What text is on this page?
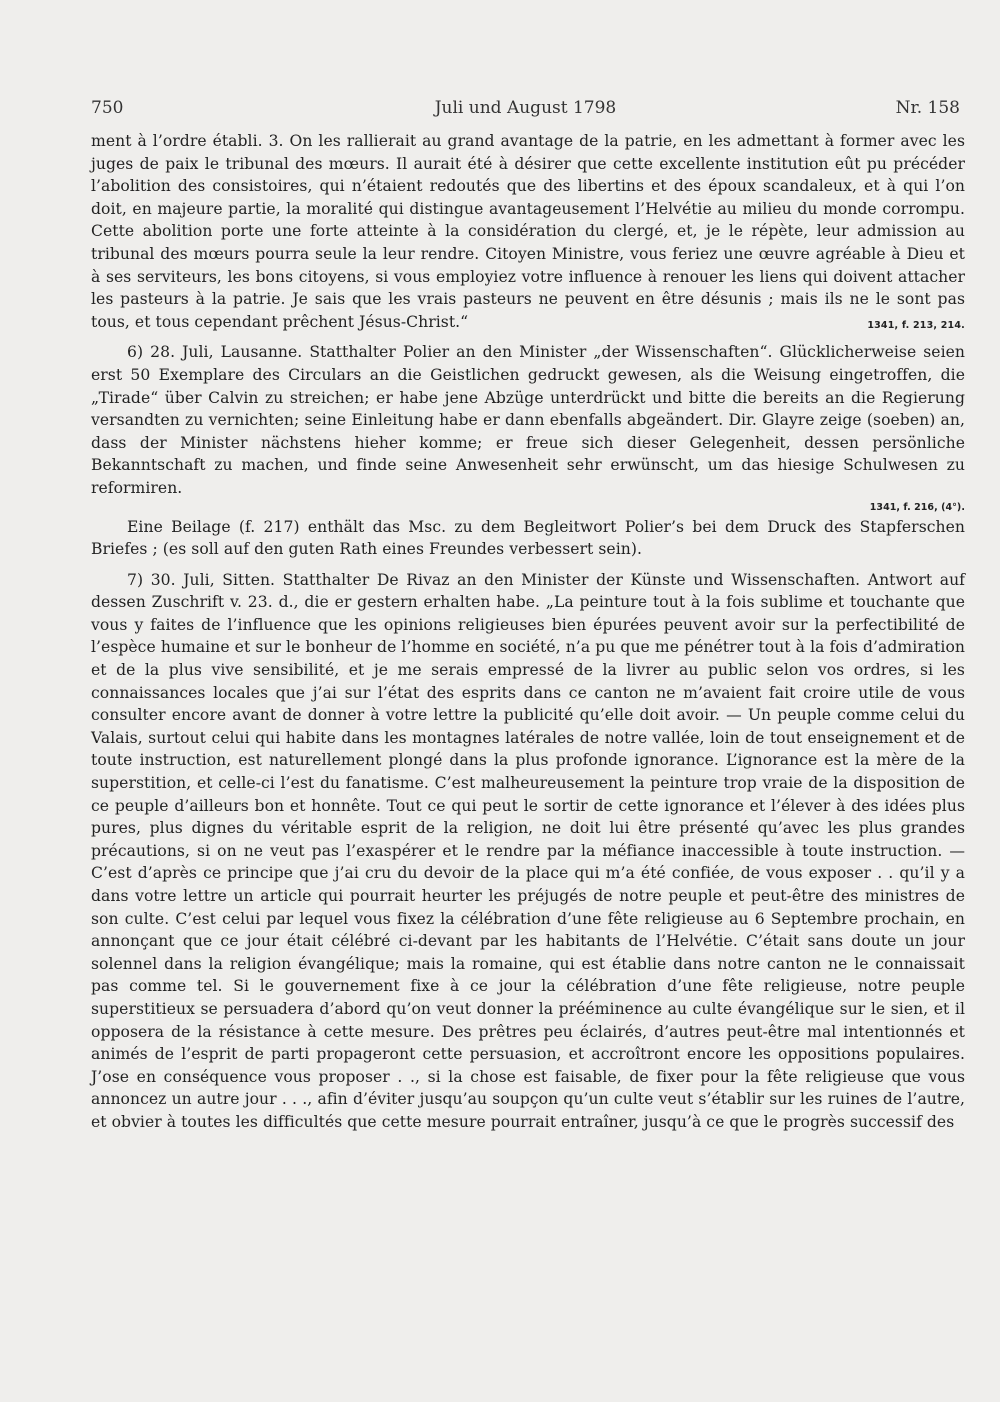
750	Juli und August 1798	Nr. 158

ment à l’ordre établi. 3. On les rallierait au grand avantage de la patrie, en les admettant à former avec les juges de paix le tribunal des mœurs. Il aurait été à désirer que cette excellente institution eût pu précéder l’abolition des consistoires, qui n’étaient redoutés que des libertins et des époux scandaleux, et à qui l’on doit, en majeure partie, la moralité qui distingue avantageusement l’Helvétie au milieu du monde corrompu. Cette abolition porte une forte atteinte à la considération du clergé, et, je le répète, leur admission au tribunal des mœurs pourra seule la leur rendre. Citoyen Ministre, vous feriez une œuvre agréable à Dieu et à ses serviteurs, les bons citoyens, si vous employiez votre influence à renouer les liens qui doivent attacher les pasteurs à la patrie. Je sais que les vrais pasteurs ne peuvent en être désunis ; mais ils ne le sont pas tous, et tous cependant prêchent Jésus-Christ.“	1341, f. 213, 214.

6) 28. Juli, Lausanne. Statthalter Polier an den Minister „der Wissenschaften“. Glücklicherweise seien erst 50 Exemplare des Circulars an die Geistlichen gedruckt gewesen, als die Weisung eingetroffen, die „Tirade“ über Calvin zu streichen; er habe jene Abzüge unterdrückt und bitte die bereits an die Regierung versandten zu vernichten; seine Einleitung habe er dann ebenfalls abgeändert. Dir. Glayre zeige (soeben) an, dass der Minister nächstens hieher komme; er freue sich dieser Gelegenheit, dessen persönliche Bekanntschaft zu machen, und finde seine Anwesenheit sehr erwünscht, um das hiesige Schulwesen zu reformiren.

1341, f. 216, (4°).

Eine Beilage (f. 217) enthält das Msc. zu dem Begleitwort Polier’s bei dem Druck des Stapferschen Briefes ; (es soll auf den guten Rath eines Freundes verbessert sein).

7) 30. Juli, Sitten. Statthalter De Rivaz an den Minister der Künste und Wissenschaften. Antwort auf dessen Zuschrift v. 23. d., die er gestern erhalten habe. „La peinture tout à la fois sublime et touchante que vous y faites de l’influence que les opinions religieuses bien épurées peuvent avoir sur la perfectibilité de l’espèce humaine et sur le bonheur de l’homme en société, n’a pu que me pénétrer tout à la fois d’admiration et de la plus vive sensibilité, et je me serais empressé de la livrer au public selon vos ordres, si les connaissances locales que j’ai sur l’état des esprits dans ce canton ne m’avaient fait croire utile de vous consulter encore avant de donner à votre lettre la publicité qu’elle doit avoir. — Un peuple comme celui du Valais, surtout celui qui habite dans les montagnes latérales de notre vallée, loin de tout enseignement et de toute instruction, est naturellement plongé dans la plus profonde ignorance. L’ignorance est la mère de la superstition, et celle-ci l’est du fanatisme. C’est malheureusement la peinture trop vraie de la disposition de ce peuple d’ailleurs bon et honnête. Tout ce qui peut le sortir de cette ignorance et l’élever à des idées plus pures, plus dignes du véritable esprit de la religion, ne doit lui être présenté qu’avec les plus grandes précautions, si on ne veut pas l’exaspérer et le rendre par la méfiance inaccessible à toute instruction. — C’est d’après ce principe que j’ai cru du devoir de la place qui m’a été confiée, de vous exposer . . qu’il y a dans votre lettre un article qui pourrait heurter les préjugés de notre peuple et peut-être des ministres de son culte. C’est celui par lequel vous fixez la célébration d’une fête religieuse au 6 Septembre prochain, en annonçant que ce jour était célébré ci-devant par les habitants de l’Helvétie. C’était sans doute un jour solennel dans la religion évangélique; mais la romaine, qui est établie dans notre canton ne le connaissait pas comme tel. Si le gouvernement fixe à ce jour la célébration d’une fête religieuse, notre peuple superstitieux se persuadera d’abord qu’on veut donner la prééminence au culte évangélique sur le sien, et il opposera de la résistance à cette mesure. Des prêtres peu éclairés, d’autres peut-être mal intentionnés et animés de l’esprit de parti propageront cette persuasion, et accroîtront encore les oppositions populaires. J’ose en conséquence vous proposer . ., si la chose est faisable, de fixer pour la fête religieuse que vous annoncez un autre jour . . ., afin d’éviter jusqu’au soupçon qu’un culte veut s’établir sur les ruines de l’autre, et obvier à toutes les difficultés que cette mesure pourrait entraîner, jusqu’à ce que le progrès successif des
